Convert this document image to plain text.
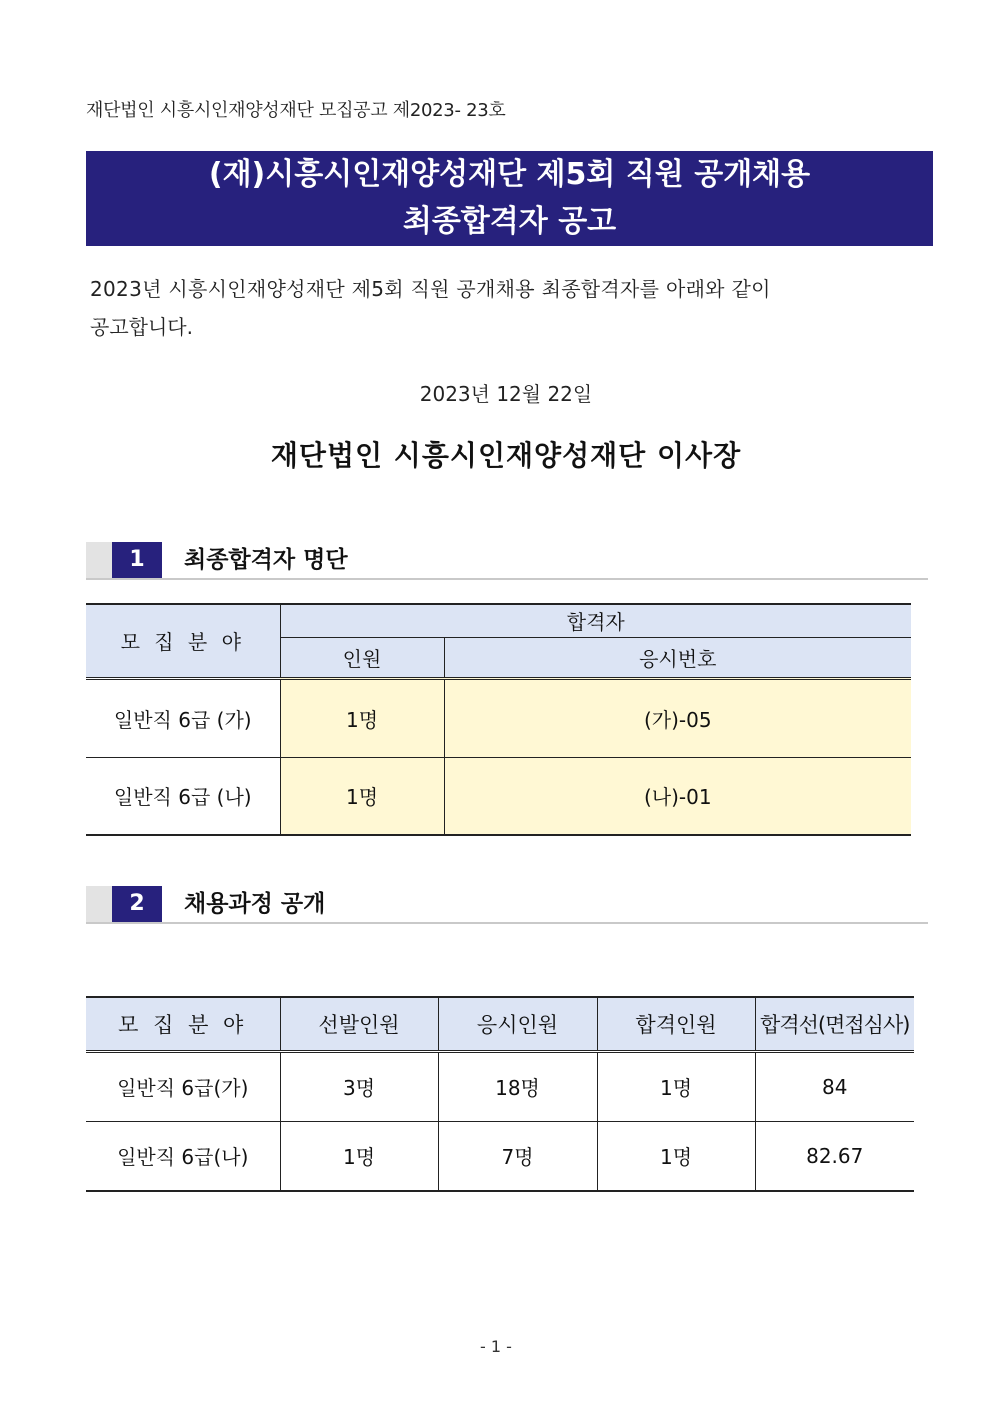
재단법인 시흥시인재양성재단 모집공고 제2023- 23호
(재)시흥시인재양성재단 제5회 직원 공개채용
최종합격자 공고
2023년 시흥시인재양성재단 제5회 직원 공개채용 최종합격자를 아래와 같이
공고합니다.
2023년 12월 22일
재단법인 시흥시인재양성재단 이사장
1	최종합격자 명단
모 집 분 야	합격자	
	인원	응시번호
일반직 6급 (가)	1명	(가)-05
일반직 6급 (나)	1명	(나)-01
2	채용과정 공개
모 집 분 야	선발인원	응시인원	합격인원	합격선(면접심사)
일반직 6급(가)	3명	18명	1명	84
일반직 6급(나)	1명	7명	1명	82.67
- 1 -
